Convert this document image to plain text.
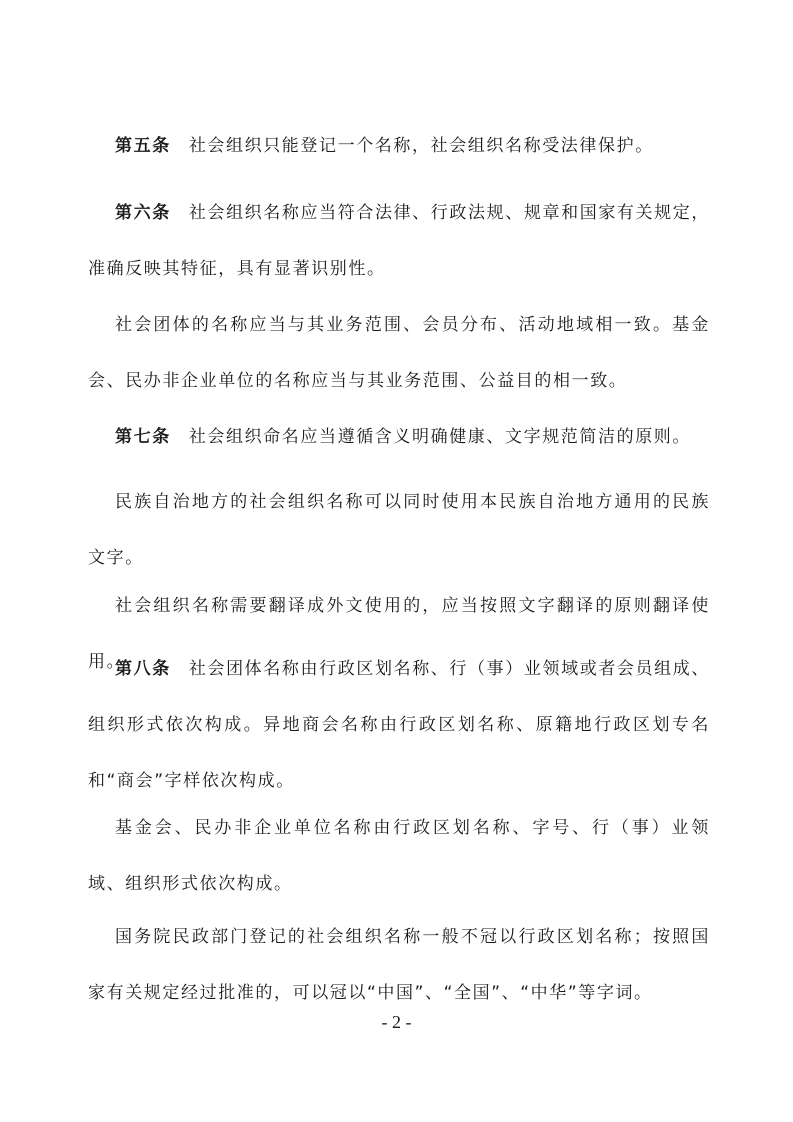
第五条 社会组织只能登记一个名称，社会组织名称受法律保护。

第六条 社会组织名称应当符合法律、行政法规、规章和国家有关规定，准确反映其特征，具有显著识别性。

社会团体的名称应当与其业务范围、会员分布、活动地域相一致。基金会、民办非企业单位的名称应当与其业务范围、公益目的相一致。

第七条 社会组织命名应当遵循含义明确健康、文字规范简洁的原则。

民族自治地方的社会组织名称可以同时使用本民族自治地方通用的民族文字。

社会组织名称需要翻译成外文使用的，应当按照文字翻译的原则翻译使用。

第八条 社会团体名称由行政区划名称、行（事）业领域或者会员组成、组织形式依次构成。异地商会名称由行政区划名称、原籍地行政区划专名和“商会”字样依次构成。

基金会、民办非企业单位名称由行政区划名称、字号、行（事）业领域、组织形式依次构成。

国务院民政部门登记的社会组织名称一般不冠以行政区划名称；按照国家有关规定经过批准的，可以冠以“中国”、“全国”、“中华”等字词。

- 2 -
